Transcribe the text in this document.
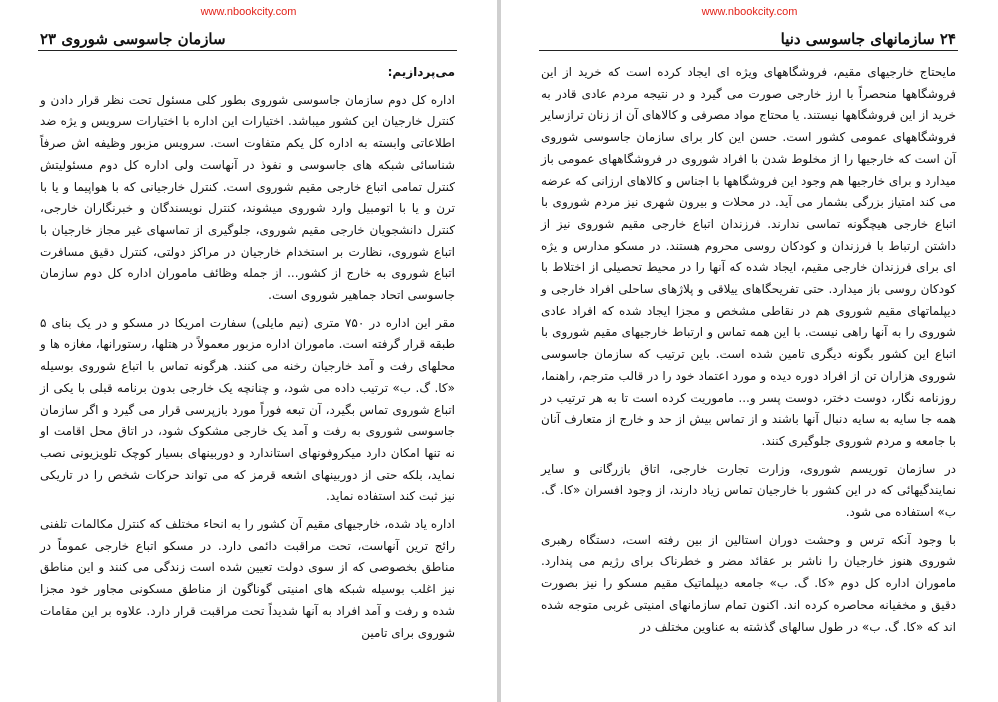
www.nbookcity.com
سازمان جاسوسی شوروی ۲۳

می‌پردازیم:

اداره کل دوم سازمان جاسوسی شوروی بطور کلی مسئول تحت نظر قرار دادن و کنترل خارجیان این کشور میباشد. اختیارات این اداره با اختیارات سرویس و یژه ضد اطلاعاتی وابسته به اداره کل یکم متفاوت است. سرویس مزبور وظیفه اش صرفاً شناسائی شبکه های جاسوسی و نفوذ در آنهاست ولی اداره کل دوم مسئولیتش کنترل تمامی اتباع خارجی مقیم شوروی است. کنترل خارجیانی که با هواپیما و یا با ترن و یا با اتومبیل وارد شوروی میشوند، کنترل نویسندگان و خبرنگاران خارجی، کنترل دانشجویان خارجی مقیم شوروی، جلوگیری از تماسهای غیر مجاز خارجیان با اتباع شوروی، نظارت بر استخدام خارجیان در مراکز دولتی، کنترل دقیق مسافرت اتباع شوروی به خارج از کشور... از جمله وظائف ماموران اداره کل دوم سازمان جاسوسی اتحاد جماهیر شوروی است.

مقر این اداره در ۷۵۰ متری (نیم مایلی) سفارت امریکا در مسکو و در یک بنای ۵ طبقه قرار گرفته است. ماموران اداره مزبور معمولاً در هتلها، رستورانها، مغازه ها و محلهای رفت و آمد خارجیان رخنه می کنند. هرگونه تماس با اتباع شوروی بوسیله «کا. گ. ب» ترتیب داده می شود، و چنانچه یک خارجی بدون برنامه قبلی با یکی از اتباع شوروی تماس بگیرد، آن تبعه فوراً مورد بازپرسی قرار می گیرد و اگر سازمان جاسوسی شوروی به رفت و آمد یک خارجی مشکوک شود، در اتاق محل اقامت او نه تنها امکان دارد میکروفونهای استاندارد و دوربینهای بسیار کوچک تلویزیونی نصب نماید، بلکه حتی از دوربینهای اشعه قرمز که می تواند حرکات شخص را در تاریکی نیز ثبت کند استفاده نماید.

اداره یاد شده، خارجیهای مقیم آن کشور را به انحاء مختلف که کنترل مکالمات تلفنی رائج ترین آنهاست، تحت مراقبت دائمی دارد. در مسکو اتباع خارجی عموماً در مناطق بخصوصی که از سوی دولت تعیین شده است زندگی می کنند و این مناطق نیز اغلب بوسیله شبکه های امنیتی گوناگون از مناطق مسکونی مجاور خود مجزا شده و رفت و آمد افراد به آنها شدیداً تحت مراقبت قرار دارد. علاوه بر این مقامات شوروی برای تامین

www.nbookcity.com
۲۴ سازمانهای جاسوسی دنیا

مایحتاج خارجیهای مقیم، فروشگاههای ویژه ای ایجاد کرده است که خرید از این فروشگاهها منحصراً با ارز خارجی صورت می گیرد و در نتیجه مردم عادی قادر به خرید از این فروشگاهها نیستند. یا محتاج مواد مصرفی و کالاهای آن از زنان ترازسایر فروشگاههای عمومی کشور است. حسن این کار برای سازمان جاسوسی شوروی آن است که خارجیها را از مخلوط شدن با افراد شوروی در فروشگاههای عمومی باز میدارد و برای خارجیها هم وجود این فروشگاهها با اجناس و کالاهای ارزانی که عرضه می کند امتیاز بزرگی بشمار می آید. در محلات و بیرون شهری نیز مردم شوروی با اتباع خارجی هیچگونه تماسی ندارند. فرزندان اتباع خارجی مقیم شوروی نیز از داشتن ارتباط با فرزندان و کودکان روسی محروم هستند. در مسکو مدارس و یژه ای برای فرزندان خارجی مقیم، ایجاد شده که آنها را در محیط تحصیلی از اختلاط با کودکان روسی باز میدارد. حتی تفریحگاهای ییلاقی و پلاژهای ساحلی افراد خارجی و دیپلماتهای مقیم شوروی هم در نقاطی مشخص و مجزا ایجاد شده که افراد عادی شوروی را به آنها راهی نیست. با این همه تماس و ارتباط خارجیهای مقیم شوروی با اتباع این کشور بگونه دیگری تامین شده است. باین ترتیب که سازمان جاسوسی شوروی هزاران تن از افراد دوره دیده و مورد اعتماد خود را در قالب مترجم، راهنما، روزنامه نگار، دوست دختر، دوست پسر و... ماموریت کرده است تا به هر ترتیب در همه جا سایه به سایه دنبال آنها باشند و از تماس بیش از حد و خارج از متعارف آنان با جامعه و مردم شوروی جلوگیری کنند.

در سازمان توریسم شوروی، وزارت تجارت خارجی، اتاق بازرگانی و سایر نمایندگیهائی که در این کشور با خارجیان تماس زیاد دارند، از وجود افسران «کا. گ. ب» استفاده می شود.

با وجود آنکه ترس و وحشت دوران استالین از بین رفته است، دستگاه رهبری شوروی هنوز خارجیان را ناشر بر عقائد مضر و خطرناک برای رژیم می پندارد. ماموران اداره کل دوم «کا. گ. ب» جامعه دیپلماتیک مقیم مسکو را نیز بصورت دقیق و مخفیانه محاصره کرده اند. اکنون تمام سازمانهای امنیتی غربی متوجه شده اند که «کا. گ. ب» در طول سالهای گذشته به عناوین مختلف در
